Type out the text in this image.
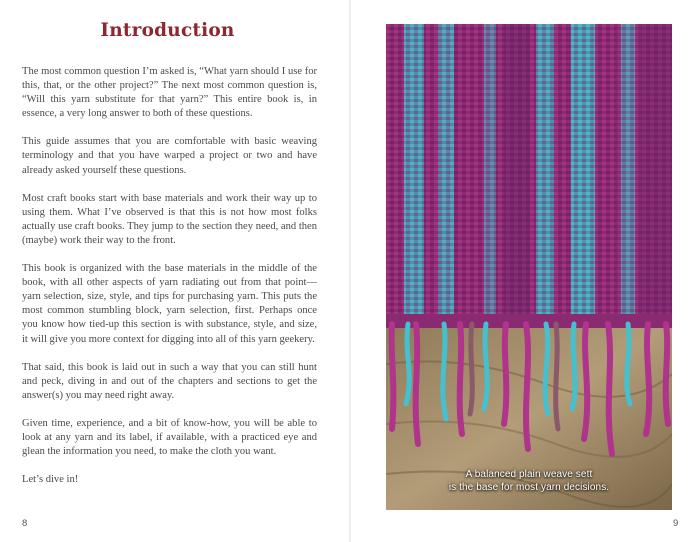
Introduction

The most common question I’m asked is, “What yarn should I use for this, that, or the other project?” The next most common question is, “Will this yarn substitute for that yarn?” This entire book is, in essence, a very long answer to both of these questions.

This guide assumes that you are comfortable with basic weaving terminology and that you have warped a project or two and have already asked yourself these questions.

Most craft books start with base materials and work their way up to using them. What I’ve observed is that this is not how most folks actually use craft books. They jump to the section they need, and then (maybe) work their way to the front.

This book is organized with the base materials in the middle of the book, with all other aspects of yarn radiating out from that point—yarn selection, size, style, and tips for purchasing yarn. This puts the most common stumbling block, yarn selection, first. Perhaps once you know how tied-up this section is with substance, style, and size, it will give you more context for digging into all of this yarn geekery.

That said, this book is laid out in such a way that you can still hunt and peck, diving in and out of the chapters and sections to get the answer(s) you may need right away.

Given time, experience, and a bit of know-how, you will be able to look at any yarn and its label, if available, with a practiced eye and glean the information you need, to make the cloth you want.

Let’s dive in!

8
A balanced plain weave sett
is the base for most yarn decisions.
9
